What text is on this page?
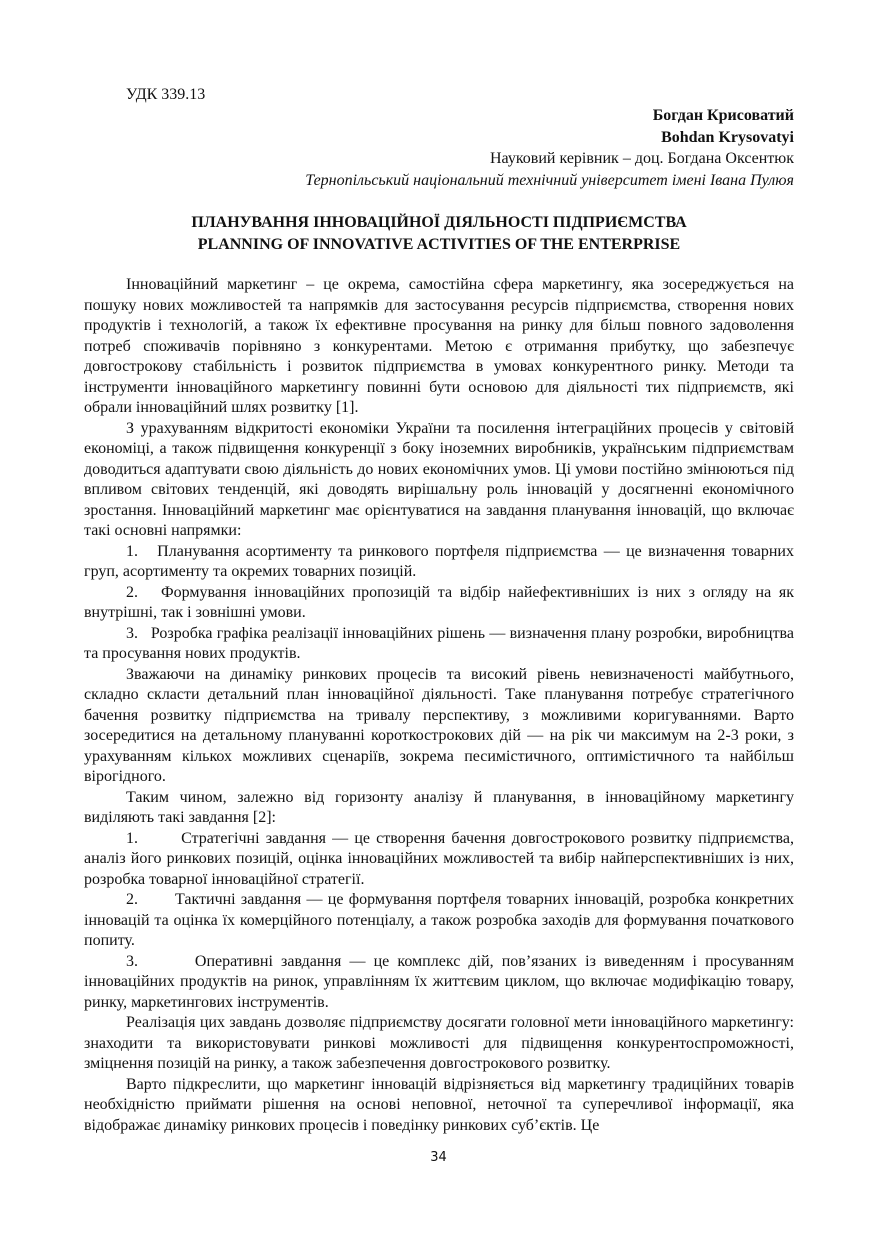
УДК 339.13
Богдан Крисоватий
Bohdan Krysovatyi
Науковий керівник – доц. Богдана Оксентюк
Тернопільський національний технічний університет імені Івана Пулюя
ПЛАНУВАННЯ ІННОВАЦІЙНОЇ ДІЯЛЬНОСТІ ПІДПРИЄМСТВА
PLANNING OF INNOVATIVE ACTIVITIES OF THE ENTERPRISE

Інноваційний маркетинг – це окрема, самостійна сфера маркетингу, яка зосереджується на пошуку нових можливостей та напрямків для застосування ресурсів підприємства, створення нових продуктів і технологій, а також їх ефективне просування на ринку для більш повного задоволення потреб споживачів порівняно з конкурентами. Метою є отримання прибутку, що забезпечує довгострокову стабільність і розвиток підприємства в умовах конкурентного ринку. Методи та інструменти інноваційного маркетингу повинні бути основою для діяльності тих підприємств, які обрали інноваційний шлях розвитку [1].

З урахуванням відкритості економіки України та посилення інтеграційних процесів у світовій економіці, а також підвищення конкуренції з боку іноземних виробників, українським підприємствам доводиться адаптувати свою діяльність до нових економічних умов. Ці умови постійно змінюються під впливом світових тенденцій, які доводять вирішальну роль інновацій у досягненні економічного зростання. Інноваційний маркетинг має орієнтуватися на завдання планування інновацій, що включає такі основні напрямки:

1.   Планування асортименту та ринкового портфеля підприємства — це визначення товарних груп, асортименту та окремих товарних позицій.

2.   Формування інноваційних пропозицій та відбір найефективніших із них з огляду на як внутрішні, так і зовнішні умови.

3.   Розробка графіка реалізації інноваційних рішень — визначення плану розробки, виробництва та просування нових продуктів.

Зважаючи на динаміку ринкових процесів та високий рівень невизначеності майбутнього, складно скласти детальний план інноваційної діяльності. Таке планування потребує стратегічного бачення розвитку підприємства на тривалу перспективу, з можливими коригуваннями. Варто зосередитися на детальному плануванні короткострокових дій — на рік чи максимум на 2-3 роки, з урахуванням кількох можливих сценаріїв, зокрема песимістичного, оптимістичного та найбільш вірогідного.

Таким чином, залежно від горизонту аналізу й планування, в інноваційному маркетингу виділяють такі завдання [2]:

1.       Стратегічні завдання — це створення бачення довгострокового розвитку підприємства, аналіз його ринкових позицій, оцінка інноваційних можливостей та вибір найперспективніших із них, розробка товарної інноваційної стратегії.

2.       Тактичні завдання — це формування портфеля товарних інновацій, розробка конкретних інновацій та оцінка їх комерційного потенціалу, а також розробка заходів для формування початкового попиту.

3.       Оперативні завдання — це комплекс дій, пов’язаних із виведенням і просуванням інноваційних продуктів на ринок, управлінням їх життєвим циклом, що включає модифікацію товару, ринку, маркетингових інструментів.

Реалізація цих завдань дозволяє підприємству досягати головної мети інноваційного маркетингу: знаходити та використовувати ринкові можливості для підвищення конкурентоспроможності, зміцнення позицій на ринку, а також забезпечення довгострокового розвитку.

Варто підкреслити, що маркетинг інновацій відрізняється від маркетингу традиційних товарів необхідністю приймати рішення на основі неповної, неточної та суперечливої інформації, яка відображає динаміку ринкових процесів і поведінку ринкових суб’єктів. Це

34
